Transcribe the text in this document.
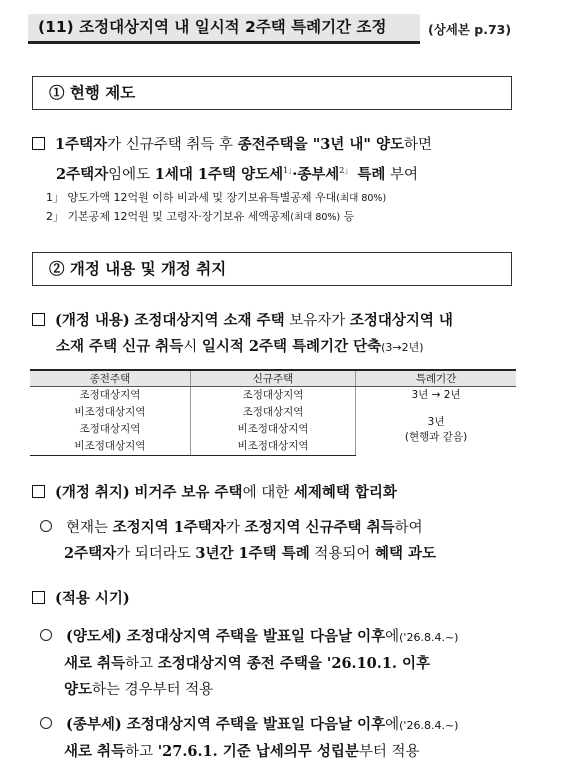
(11) 조정대상지역 내 일시적 2주택 특례기간 조정	(상세본 p.73)
① 현행 제도
1주택자가 신규주택 취득 후 종전주택을 "3년 내" 양도하면
2주택자임에도 1세대 1주택 양도세$^{1」}$·종부세$^{2」}$ 특례 부여
1」 양도가액 12억원 이하 비과세 및 장기보유특별공제 우대(최대 80%)
2」 기본공제 12억원 및 고령자·장기보유 세액공제(최대 80%) 등
② 개정 내용 및 개정 취지
(개정 내용) 조정대상지역 소재 주택 보유자가 조정대상지역 내
소재 주택 신규 취득시 일시적 2주택 특례기간 단축(3→2년)
종전주택	신규주택	특례기간
조정대상지역	조정대상지역	3년 → 2년
비조정대상지역	조정대상지역	3년
(현행과 같음)
조정대상지역	비조정대상지역	
비조정대상지역	비조정대상지역	
(개정 취지) 비거주 보유 주택에 대한 세제혜택 합리화
현재는 조정지역 1주택자가 조정지역 신규주택 취득하여
2주택자가 되더라도 3년간 1주택 특례 적용되어 혜택 과도
(적용 시기)
(양도세) 조정대상지역 주택을 발표일 다음날 이후에('26.8.4.~)
새로 취득하고 조정대상지역 종전 주택을 '26.10.1. 이후
양도하는 경우부터 적용
(종부세) 조정대상지역 주택을 발표일 다음날 이후에('26.8.4.~)
새로 취득하고 '27.6.1. 기준 납세의무 성립분부터 적용
